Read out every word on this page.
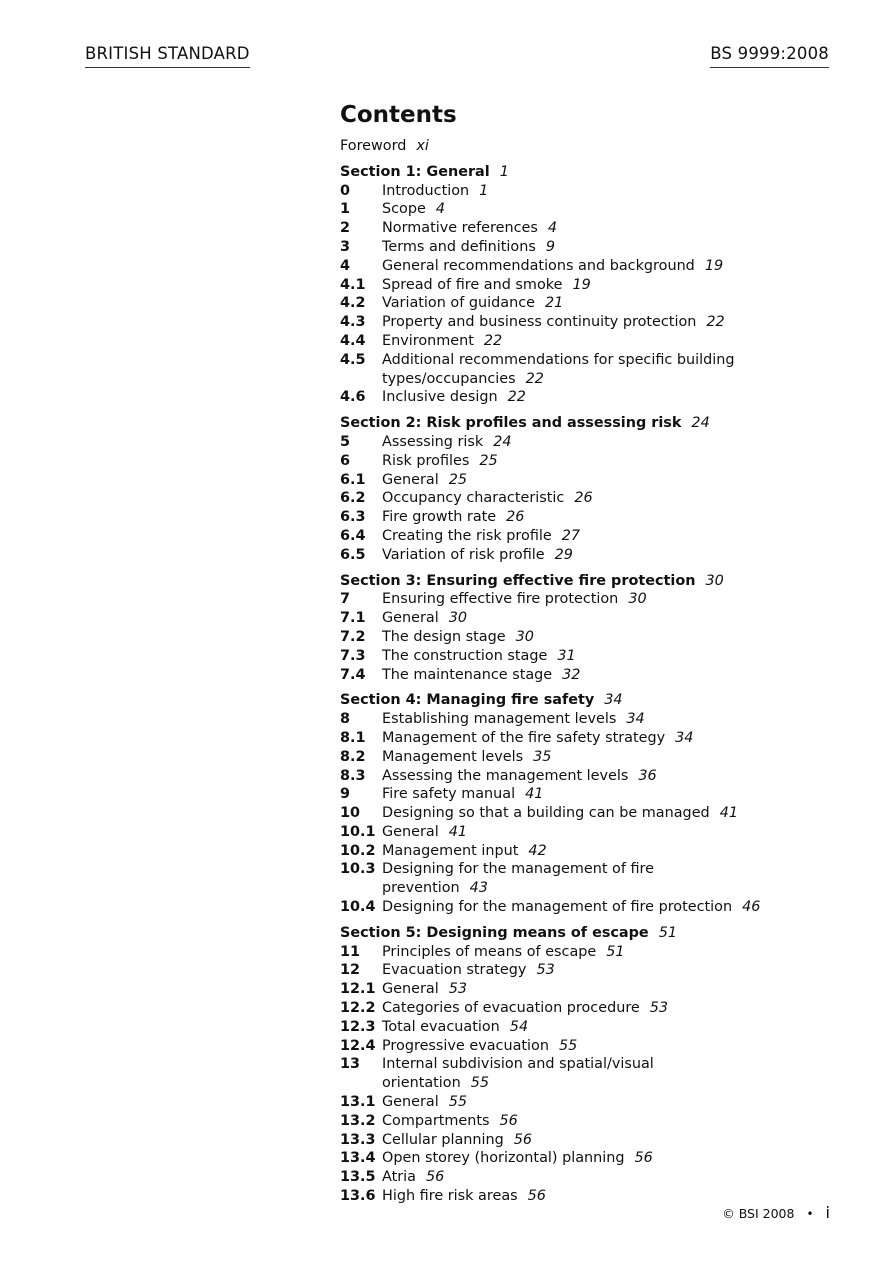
BRITISH STANDARD	BS 9999:2008
Contents
Foreword xi
Section 1: General 1
0	Introduction 1
1	Scope 4
2	Normative references 4
3	Terms and definitions 9
4	General recommendations and background 19
4.1	Spread of fire and smoke 19
4.2	Variation of guidance 21
4.3	Property and business continuity protection 22
4.4	Environment 22
4.5	Additional recommendations for specific building types/occupancies 22
4.6	Inclusive design 22
Section 2: Risk profiles and assessing risk 24
5	Assessing risk 24
6	Risk profiles 25
6.1	General 25
6.2	Occupancy characteristic 26
6.3	Fire growth rate 26
6.4	Creating the risk profile 27
6.5	Variation of risk profile 29
Section 3: Ensuring effective fire protection 30
7	Ensuring effective fire protection 30
7.1	General 30
7.2	The design stage 30
7.3	The construction stage 31
7.4	The maintenance stage 32
Section 4: Managing fire safety 34
8	Establishing management levels 34
8.1	Management of the fire safety strategy 34
8.2	Management levels 35
8.3	Assessing the management levels 36
9	Fire safety manual 41
10	Designing so that a building can be managed 41
10.1 General 41
10.2 Management input 42
10.3 Designing for the management of fire prevention 43
10.4 Designing for the management of fire protection 46
Section 5: Designing means of escape 51
11	Principles of means of escape 51
12	Evacuation strategy 53
12.1 General 53
12.2 Categories of evacuation procedure 53
12.3 Total evacuation 54
12.4 Progressive evacuation 55
13	Internal subdivision and spatial/visual orientation 55
13.1 General 55
13.2 Compartments 56
13.3 Cellular planning 56
13.4 Open storey (horizontal) planning 56
13.5 Atria 56
13.6 High fire risk areas 56
© BSI 2008 • i
